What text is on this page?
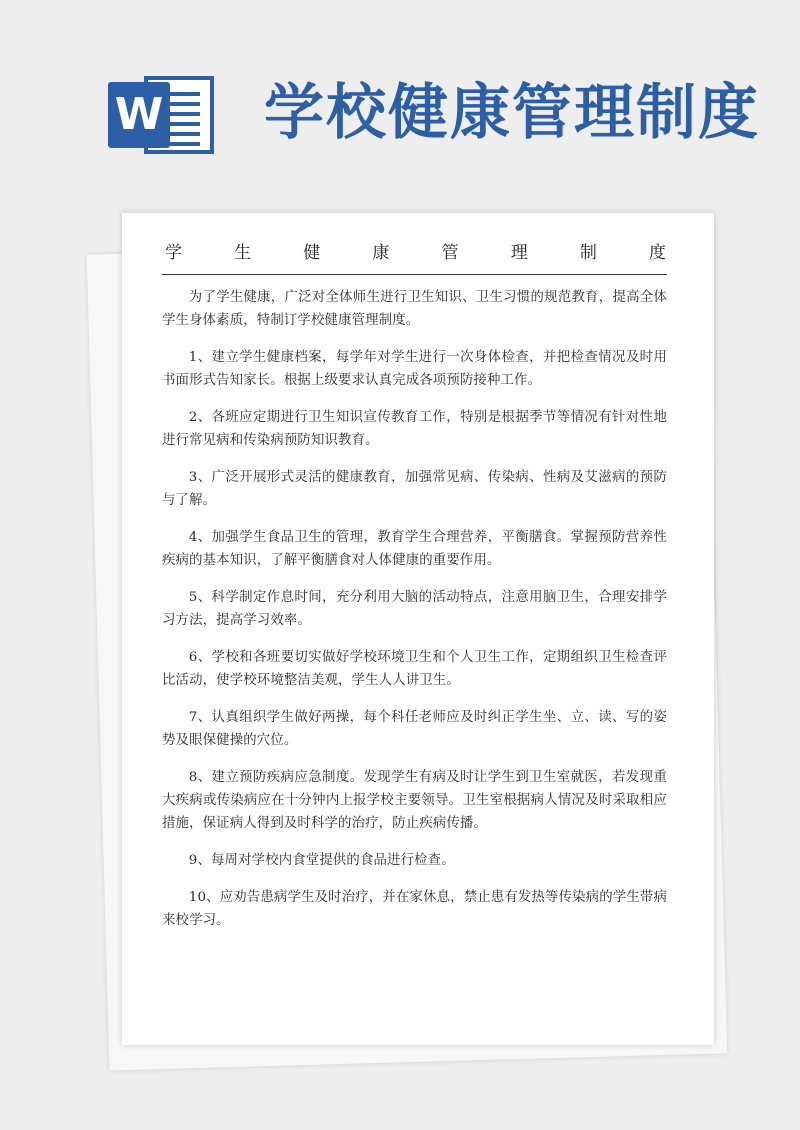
W 学校健康管理制度
学	生	健	康	管	理	制	度

为了学生健康，广泛对全体师生进行卫生知识、卫生习惯的规范教育，提高全体学生身体素质，特制订学校健康管理制度。

1、建立学生健康档案，每学年对学生进行一次身体检查，并把检查情况及时用书面形式告知家长。根据上级要求认真完成各项预防接种工作。

2、各班应定期进行卫生知识宣传教育工作，特别是根据季节等情况有针对性地进行常见病和传染病预防知识教育。

3、广泛开展形式灵活的健康教育，加强常见病、传染病、性病及艾滋病的预防与了解。

4、加强学生食品卫生的管理，教育学生合理营养，平衡膳食。掌握预防营养性疾病的基本知识，了解平衡膳食对人体健康的重要作用。

5、科学制定作息时间，充分利用大脑的活动特点，注意用脑卫生，合理安排学习方法，提高学习效率。

6、学校和各班要切实做好学校环境卫生和个人卫生工作，定期组织卫生检查评比活动，使学校环境整洁美观，学生人人讲卫生。

7、认真组织学生做好两操，每个科任老师应及时纠正学生坐、立、读、写的姿势及眼保健操的穴位。

8、建立预防疾病应急制度。发现学生有病及时让学生到卫生室就医，若发现重大疾病或传染病应在十分钟内上报学校主要领导。卫生室根据病人情况及时采取相应措施，保证病人得到及时科学的治疗，防止疾病传播。

9、每周对学校内食堂提供的食品进行检查。

10、应劝告患病学生及时治疗，并在家休息，禁止患有发热等传染病的学生带病来校学习。
